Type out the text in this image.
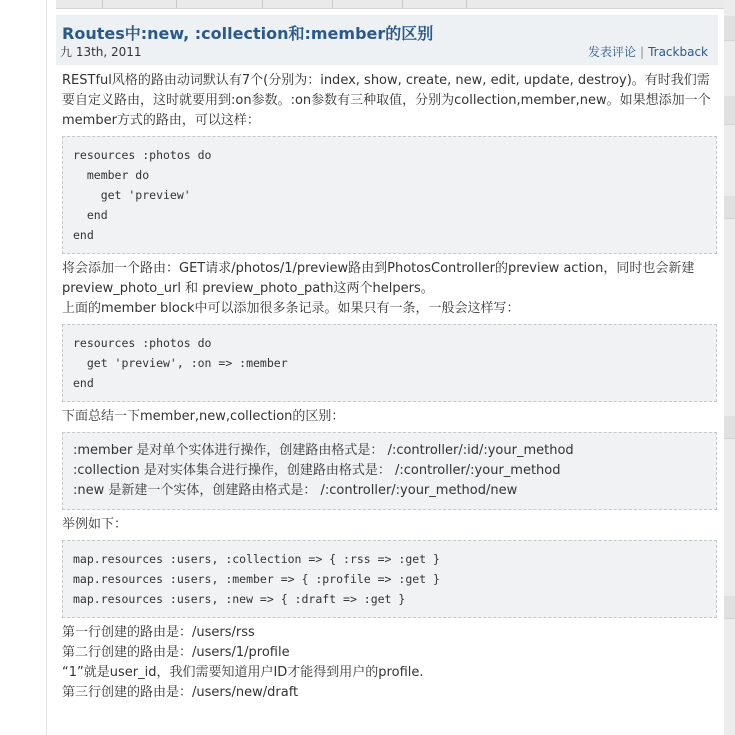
Routes中:new, :collection和:member的区别
九 13th, 2011	发表评论 | Trackback

RESTful风格的路由动词默认有7个(分别为：index, show, create, new, edit, update, destroy)。有时我们需要自定义路由，这时就要用到:on参数。:on参数有三种取值，分别为collection,member,new。如果想添加一个member方式的路由，可以这样：

resources :photos do
member do
get 'preview'
end
end

将会添加一个路由：GET请求/photos/1/preview路由到PhotosController的preview action，同时也会新建preview_photo_url 和 preview_photo_path这两个helpers。

上面的member block中可以添加很多条记录。如果只有一条，一般会这样写：

resources :photos do
get 'preview', :on => :member
end

下面总结一下member,new,collection的区别：

:member 是对单个实体进行操作，创建路由格式是： /:controller/:id/:your_method
:collection 是对实体集合进行操作，创建路由格式是： /:controller/:your_method
:new 是新建一个实体，创建路由格式是： /:controller/:your_method/new

举例如下：

map.resources :users, :collection => { :rss => :get }
map.resources :users, :member => { :profile => :get }
map.resources :users, :new => { :draft => :get }

第一行创建的路由是：/users/rss

第二行创建的路由是：/users/1/profile

“1”就是user_id，我们需要知道用户ID才能得到用户的profile.

第三行创建的路由是：/users/new/draft
